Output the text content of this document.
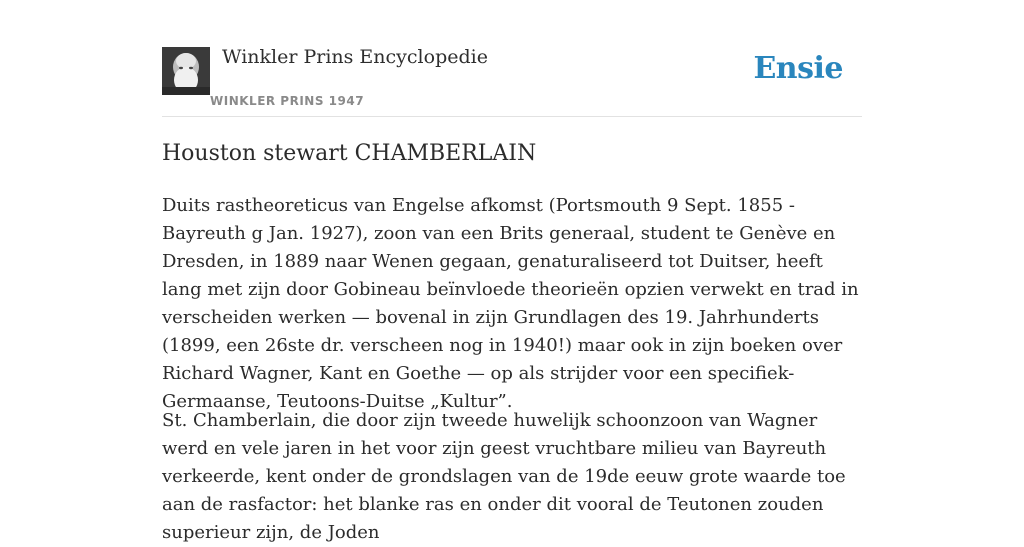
Winkler Prins Encyclopedie
WINKLER PRINS 1947
Ensie
Houston stewart CHAMBERLAIN

Duits rastheoreticus van Engelse afkomst (Portsmouth 9 Sept. 1855 - Bayreuth g Jan. 1927), zoon van een Brits generaal, student te Genève en Dresden, in 1889 naar Wenen gegaan, genaturaliseerd tot Duitser, heeft lang met zijn door Gobineau beïnvloede theorieën opzien verwekt en trad in verscheiden werken — bovenal in zijn Grundlagen des 19. Jahrhunderts (1899, een 26ste dr. verscheen nog in 1940!) maar ook in zijn boeken over Richard Wagner, Kant en Goethe — op als strijder voor een specifiek-Germaanse, Teutoons-Duitse „Kultur”.

St. Chamberlain, die door zijn tweede huwelijk schoonzoon van Wagner werd en vele jaren in het voor zijn geest vruchtbare milieu van Bayreuth verkeerde, kent onder de grondslagen van de 19de eeuw grote waarde toe aan de rasfactor: het blanke ras en onder dit vooral de Teutonen zouden superieur zijn, de Joden
